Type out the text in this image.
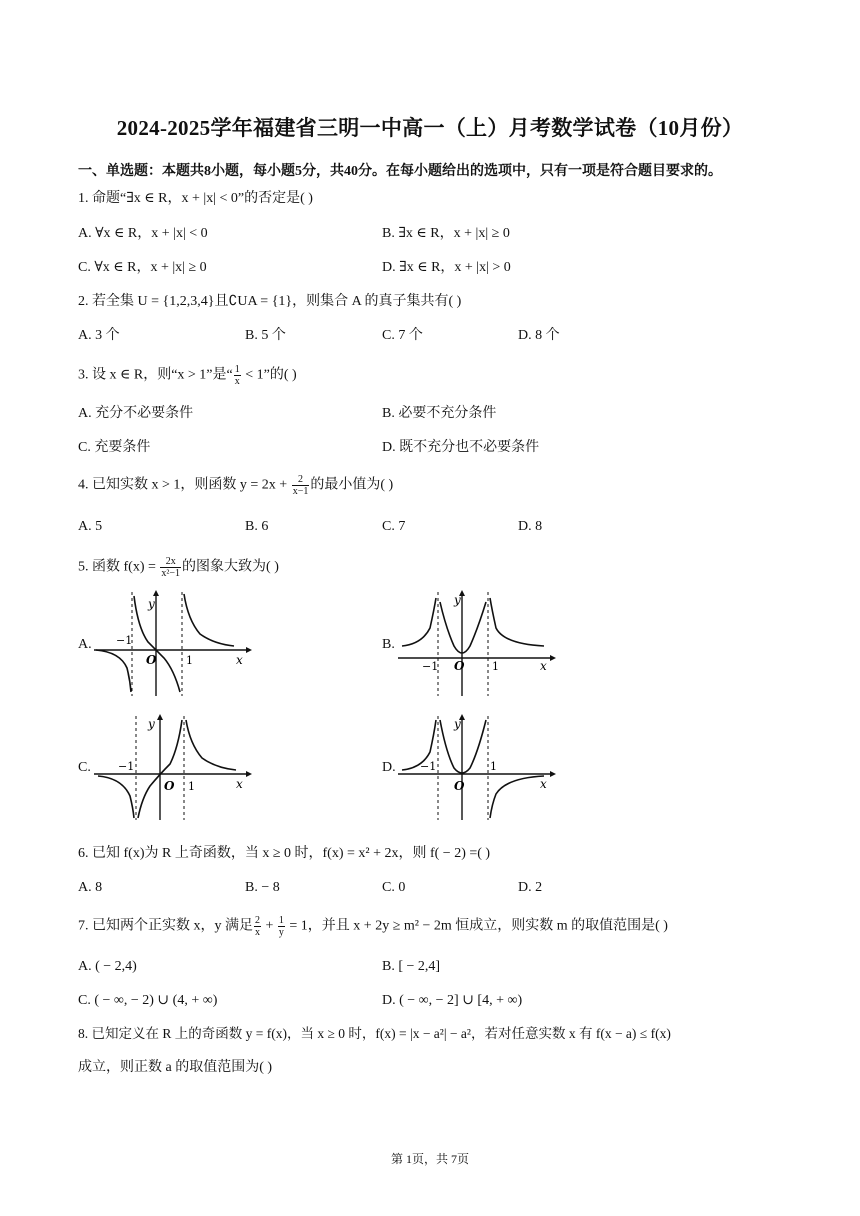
2024-2025学年福建省三明一中高一（上）月考数学试卷（10月份）
一、单选题：本题共8小题，每小题5分，共40分。在每小题给出的选项中，只有一项是符合题目要求的。
1. 命题“∃x ∈ R，x + |x| < 0”的否定是( )
A. ∀x ∈ R，x + |x| < 0	B. ∃x ∈ R，x + |x| ≥ 0
C. ∀x ∈ R，x + |x| ≥ 0	D. ∃x ∈ R，x + |x| > 0
2. 若全集 U = {1,2,3,4}且∁UA = {1}，则集合 A 的真子集共有( )
A. 3 个	B. 5 个	C. 7 个	D. 8 个
3. 设 x ∈ R，则“x > 1”是“ $\frac{1}{x} < 1$”的( )
A. 充分不必要条件	B. 必要不充分条件
C. 充要条件	D. 既不充分也不必要条件
4. 已知实数 x > 1，则函数 $y = 2x + \frac{2}{x-1}$ 的最小值为( )
A. 5	B. 6	C. 7	D. 8
5. 函数 $f(x) = \frac{2x}{\text{x²−1}}$ 的图象大致为( )
A.	B.
C.	D.
y
x
O
−1
1
y
x
O
−1	1
y
x
O
−1
1
y
x
O
−1	1
6. 已知 f(x)为 R 上奇函数，当 x ≥ 0 时，f(x) = x² + 2x，则 f( − 2) =( )
A. 8	B. − 8	C. 0	D. 2
7. 已知两个正实数 x，y 满足 $\frac{2}{x} + \frac{1}{y} = 1$，并且 x + 2y ≥ m² − 2m 恒成立，则实数 m 的取值范围是( )
A. ( − 2,4)	B. [ − 2,4]
C. ( − ∞, − 2) ∪ (4, + ∞)	D. ( − ∞, − 2] ∪ [4, + ∞)
8. 已知定义在 R 上的奇函数 y = f(x)，当 x ≥ 0 时，f(x) = |x − a²| − a²，若对任意实数 x 有 f(x − a) ≤ f(x)
成立，则正数 a 的取值范围为( )
第 1页，共 7页
